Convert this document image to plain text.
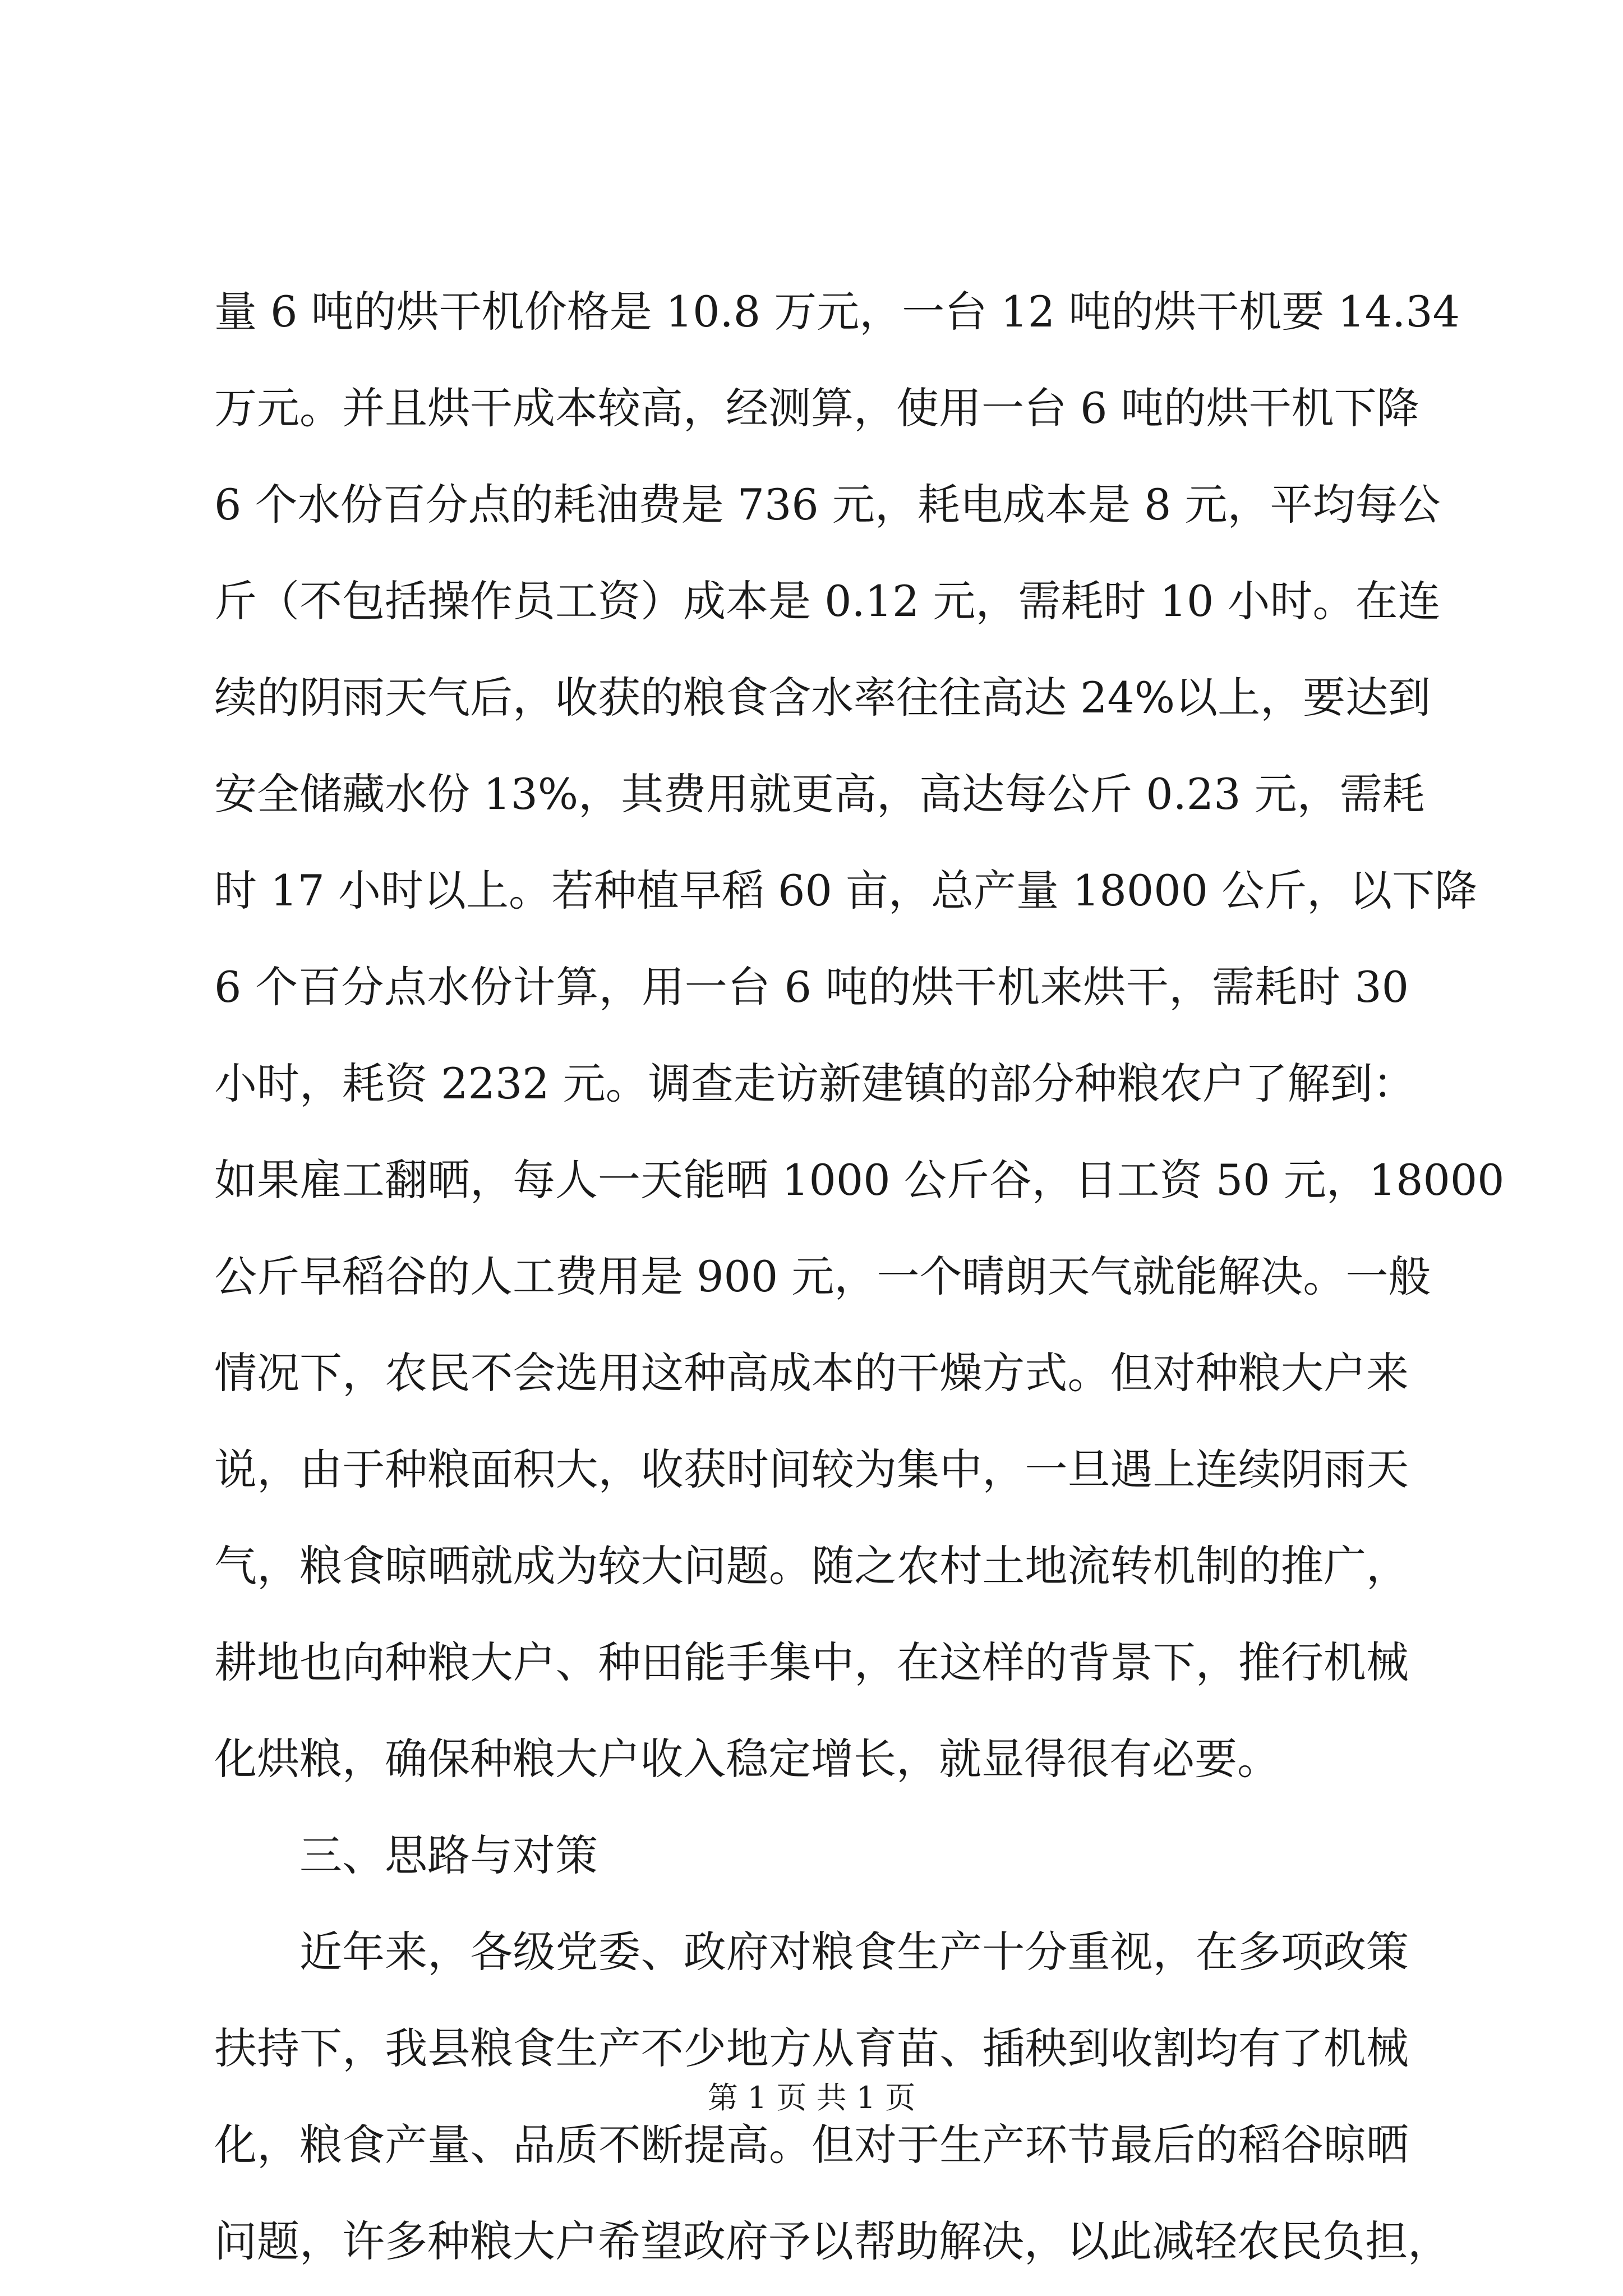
量 6 吨的烘干机价格是 10.8 万元，一台 12 吨的烘干机要 14.34
万元。并且烘干成本较高，经测算，使用一台 6 吨的烘干机下降
6 个水份百分点的耗油费是 736 元，耗电成本是 8 元，平均每公
斤（不包括操作员工资）成本是 0.12 元，需耗时 10 小时。在连
续的阴雨天气后，收获的粮食含水率往往高达 24%以上，要达到
安全储藏水份 13%，其费用就更高，高达每公斤 0.23 元，需耗
时 17 小时以上。若种植早稻 60 亩，总产量 18000 公斤，以下降
6 个百分点水份计算，用一台 6 吨的烘干机来烘干，需耗时 30
小时，耗资 2232 元。调查走访新建镇的部分种粮农户了解到：
如果雇工翻晒，每人一天能晒 1000 公斤谷，日工资 50 元，18000
公斤早稻谷的人工费用是 900 元，一个晴朗天气就能解决。一般
情况下，农民不会选用这种高成本的干燥方式。但对种粮大户来
说，由于种粮面积大，收获时间较为集中，一旦遇上连续阴雨天
气，粮食晾晒就成为较大问题。随之农村土地流转机制的推广，
耕地也向种粮大户、种田能手集中，在这样的背景下，推行机械
化烘粮，确保种粮大户收入稳定增长，就显得很有必要。
三、思路与对策
近年来，各级党委、政府对粮食生产十分重视，在多项政策
扶持下，我县粮食生产不少地方从育苗、插秧到收割均有了机械
化，粮食产量、品质不断提高。但对于生产环节最后的稻谷晾晒
问题，许多种粮大户希望政府予以帮助解决，以此减轻农民负担，
第 1 页 共 1 页
